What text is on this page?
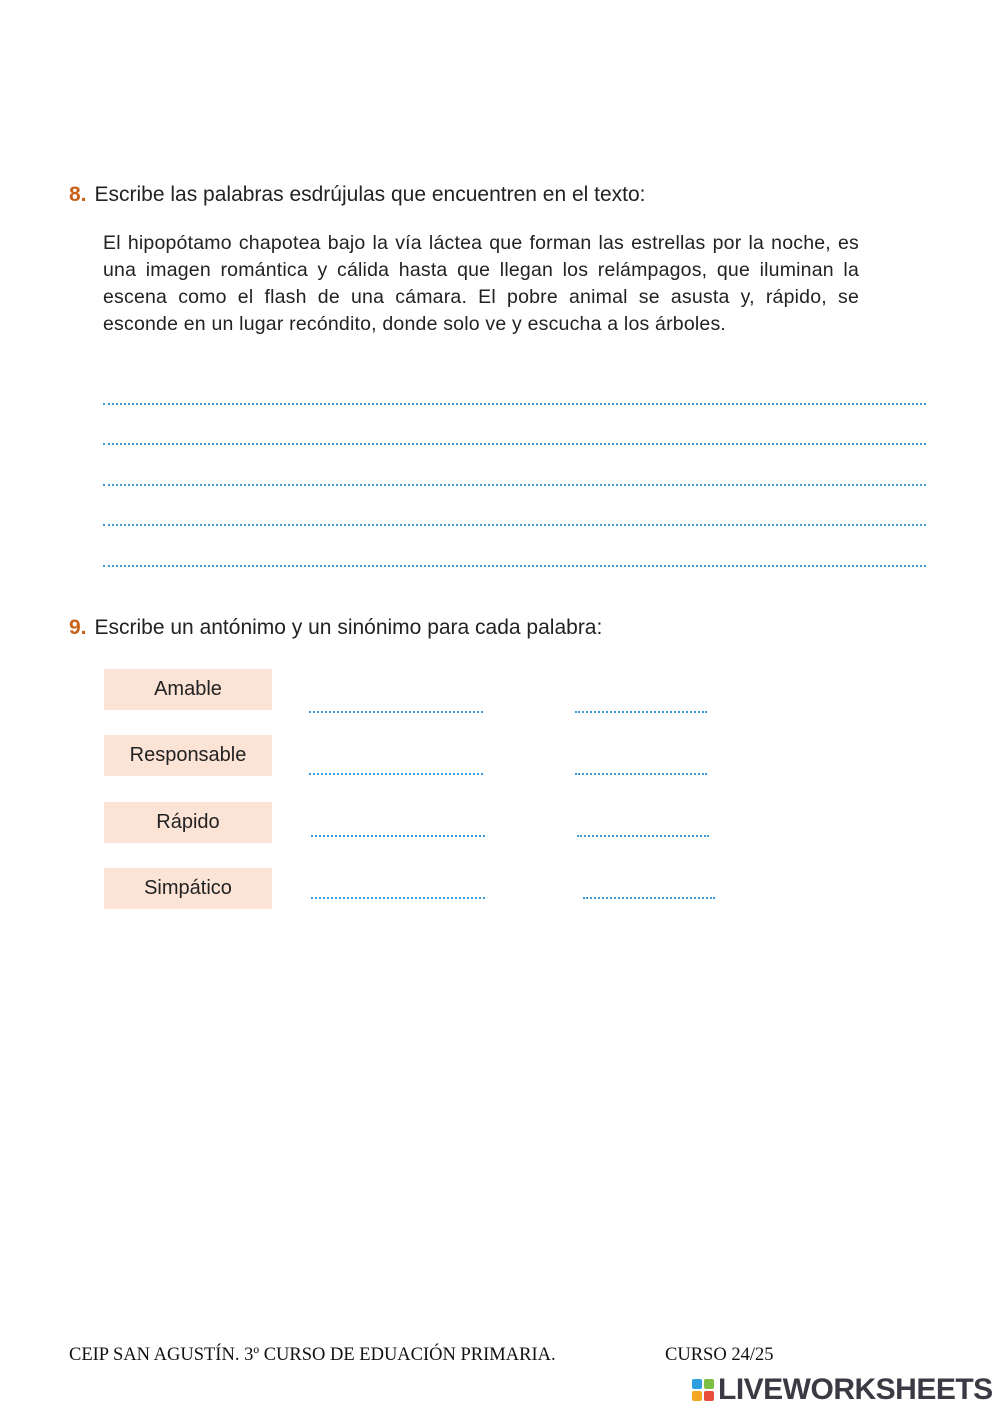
8. Escribe las palabras esdrújulas que encuentren en el texto:
El hipopótamo chapotea bajo la vía láctea que forman las estrellas por la noche, es una imagen romántica y cálida hasta que llegan los relámpagos, que iluminan la escena como el flash de una cámara. El pobre animal se asusta y, rápido, se esconde en un lugar recóndito, donde solo ve y escucha a los árboles.
9. Escribe un antónimo y un sinónimo para cada palabra:
Amable
Responsable
Rápido
Simpático
CEIP SAN AGUSTÍN. 3º CURSO DE EDUACIÓN PRIMARIA.	CURSO 24/25
LIVEWORKSHEETS
